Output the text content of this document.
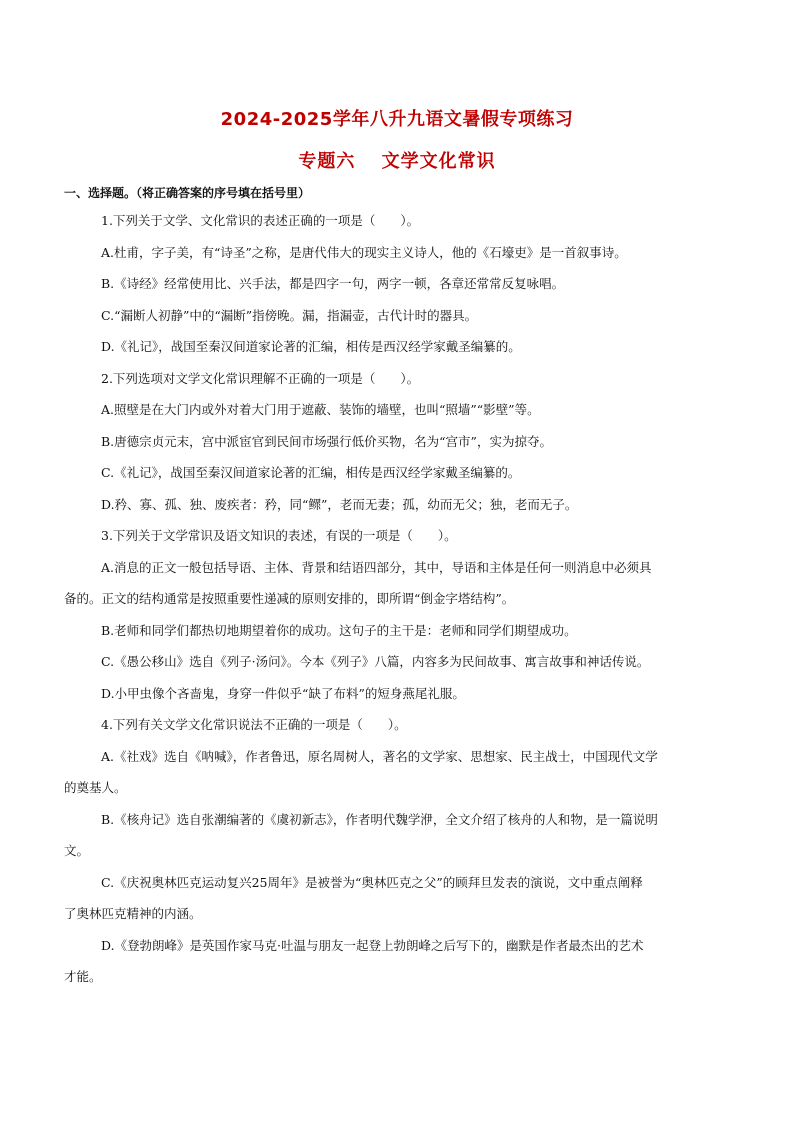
2024-2025学年八升九语文暑假专项练习
专题六　 文学文化常识
一、选择题。（将正确答案的序号填在括号里）
1.下列关于文学、文化常识的表述正确的一项是（　　）。
A.杜甫，字子美，有“诗圣”之称，是唐代伟大的现实主义诗人，他的《石壕吏》是一首叙事诗。
B.《诗经》经常使用比、兴手法，都是四字一句，两字一顿，各章还常常反复咏唱。
C.“漏断人初静”中的“漏断”指傍晚。漏，指漏壶，古代计时的器具。
D.《礼记》，战国至秦汉间道家论著的汇编，相传是西汉经学家戴圣编纂的。
2.下列选项对文学文化常识理解不正确的一项是（　　）。
A.照壁是在大门内或外对着大门用于遮蔽、装饰的墙壁，也叫“照墙”“影壁”等。
B.唐德宗贞元末，宫中派宦官到民间市场强行低价买物，名为“宫市”，实为掠夺。
C.《礼记》，战国至秦汉间道家论著的汇编，相传是西汉经学家戴圣编纂的。
D.矜、寡、孤、独、废疾者：矜，同“鳏”，老而无妻；孤，幼而无父；独，老而无子。
3.下列关于文学常识及语文知识的表述，有误的一项是（　　）。
A.消息的正文一般包括导语、主体、背景和结语四部分，其中，导语和主体是任何一则消息中必须具
备的。正文的结构通常是按照重要性递减的原则安排的，即所谓“倒金字塔结构”。
B.老师和同学们都热切地期望着你的成功。这句子的主干是：老师和同学们期望成功。
C.《愚公移山》选自《列子·汤问》。今本《列子》八篇，内容多为民间故事、寓言故事和神话传说。
D.小甲虫像个吝啬鬼，身穿一件似乎“缺了布料”的短身燕尾礼服。
4.下列有关文学文化常识说法不正确的一项是（　　）。
A.《社戏》选自《呐喊》，作者鲁迅，原名周树人，著名的文学家、思想家、民主战士，中国现代文学
的奠基人。
B.《核舟记》选自张潮编著的《虞初新志》，作者明代魏学洢，全文介绍了核舟的人和物，是一篇说明
文。
C.《庆祝奥林匹克运动复兴25周年》是被誉为“奥林匹克之父”的顾拜旦发表的演说，文中重点阐释
了奥林匹克精神的内涵。
D.《登勃朗峰》是英国作家马克·吐温与朋友一起登上勃朗峰之后写下的，幽默是作者最杰出的艺术
才能。
